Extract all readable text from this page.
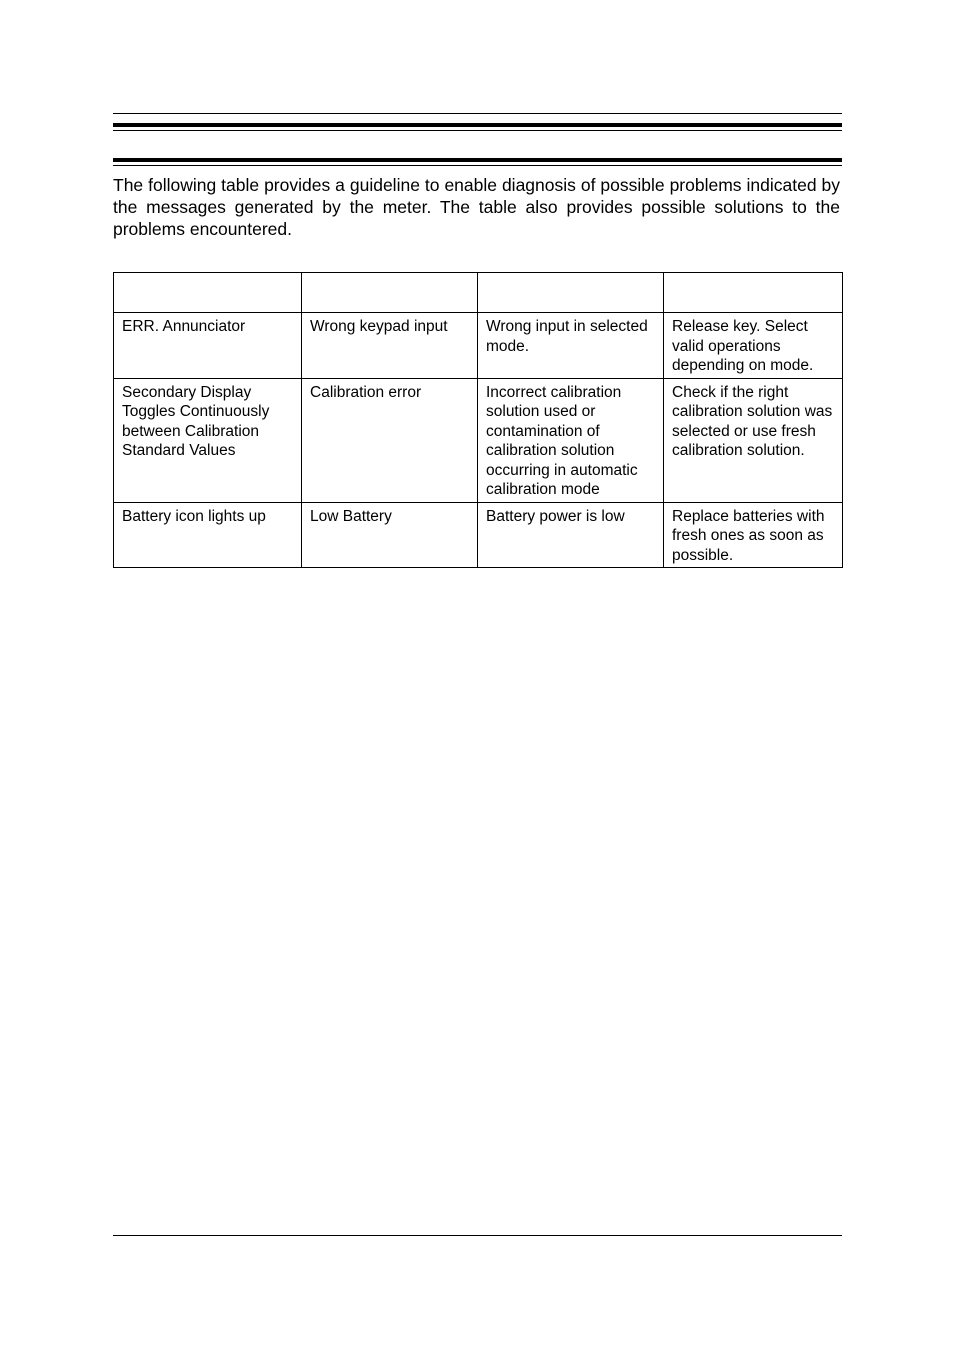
The following table provides a guideline to enable diagnosis of possible problems indicated by the messages generated by the meter. The table also provides possible solutions to the problems encountered.

ERR. Annunciator	Wrong keypad input	Wrong input in selected mode.	Release key. Select valid operations depending on mode.
Secondary Display Toggles Continuously between Calibration Standard Values	Calibration error	Incorrect calibration solution used or contamination of calibration solution occurring in automatic calibration mode	Check if the right calibration solution was selected or use fresh calibration solution.
Battery icon lights up	Low Battery	Battery power is low	Replace batteries with fresh ones as soon as possible.
